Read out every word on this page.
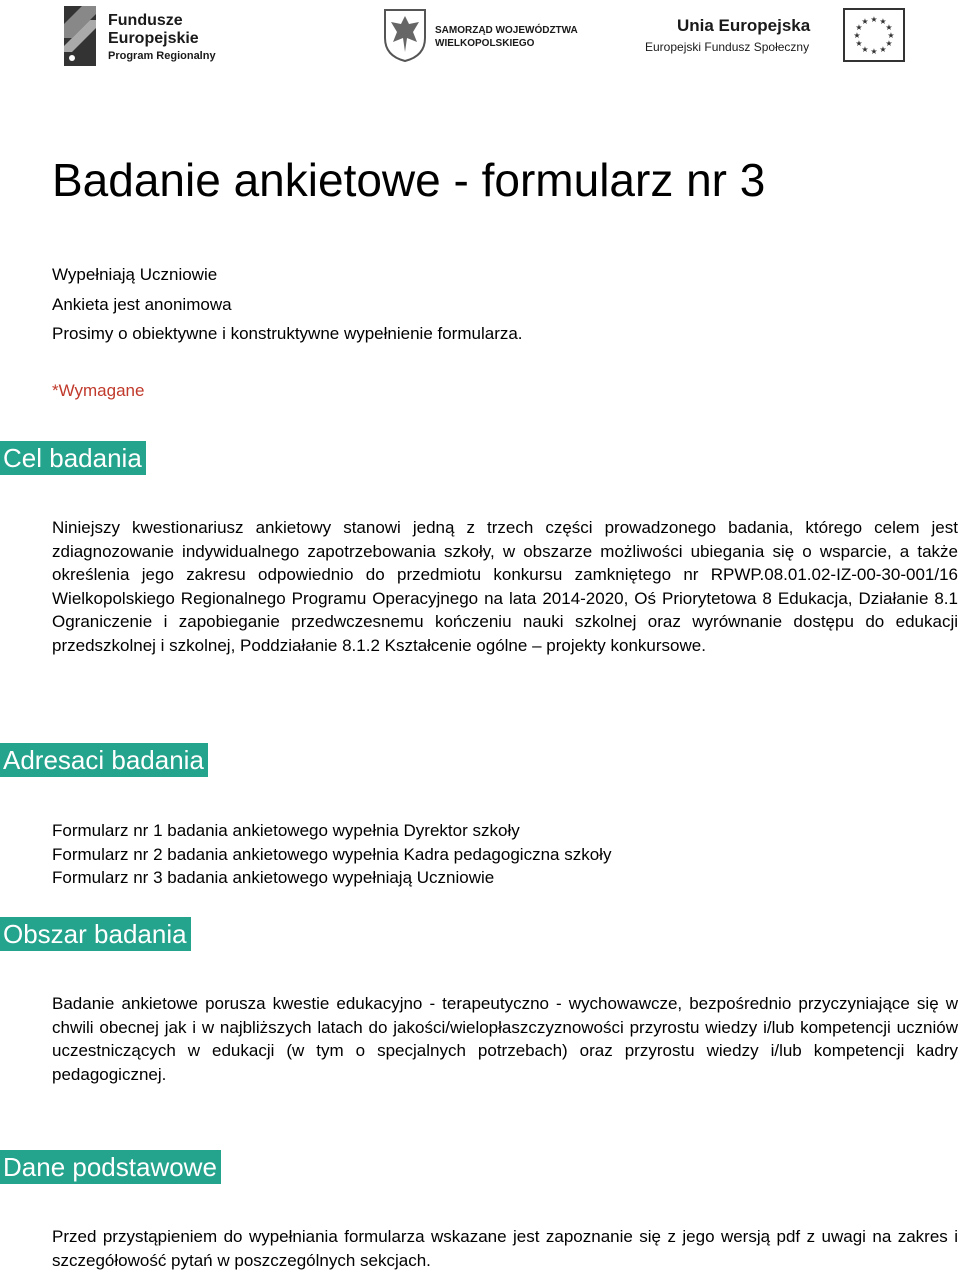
Fundusze
Europejskie
Program Regionalny
SAMORZĄD WOJEWÓDZTWA
WIELKOPOLSKIEGO
Unia Europejska
Europejski Fundusz Społeczny
★ ★
★
★
★
★
★
★
★
★
★
★
Badanie ankietowe - formularz nr 3
Wypełniają Uczniowie
Ankieta jest anonimowa
Prosimy o obiektywne i konstruktywne wypełnienie formularza.
*Wymagane
Cel badania
Niniejszy kwestionariusz ankietowy stanowi jedną z trzech części prowadzonego badania, którego celem jest zdiagnozowanie indywidualnego zapotrzebowania szkoły, w obszarze możliwości ubiegania się o wsparcie, a także określenia jego zakresu odpowiednio do przedmiotu konkursu zamkniętego nr RPWP.08.01.02-IZ-00-30-001/16 Wielkopolskiego Regionalnego Programu Operacyjnego na lata 2014-2020, Oś Priorytetowa 8 Edukacja, Działanie 8.1 Ograniczenie i zapobieganie przedwczesnemu kończeniu nauki szkolnej oraz wyrównanie dostępu do edukacji przedszkolnej i szkolnej, Poddziałanie 8.1.2 Kształcenie ogólne – projekty konkursowe.
Adresaci badania
Formularz nr 1 badania ankietowego wypełnia Dyrektor szkoły
Formularz nr 2 badania ankietowego wypełnia Kadra pedagogiczna szkoły
Formularz nr 3 badania ankietowego wypełniają Uczniowie
Obszar badania
Badanie ankietowe porusza kwestie edukacyjno - terapeutyczno - wychowawcze, bezpośrednio przyczyniające się w chwili obecnej jak i w najbliższych latach do jakości/wielopłaszczyznowości przyrostu wiedzy i/lub kompetencji uczniów uczestniczących w edukacji (w tym o specjalnych potrzebach) oraz przyrostu wiedzy i/lub kompetencji kadry pedagogicznej.
Dane podstawowe
Przed przystąpieniem do wypełniania formularza wskazane jest zapoznanie się z jego wersją pdf z uwagi na zakres i szczegółowość pytań w poszczególnych sekcjach.
